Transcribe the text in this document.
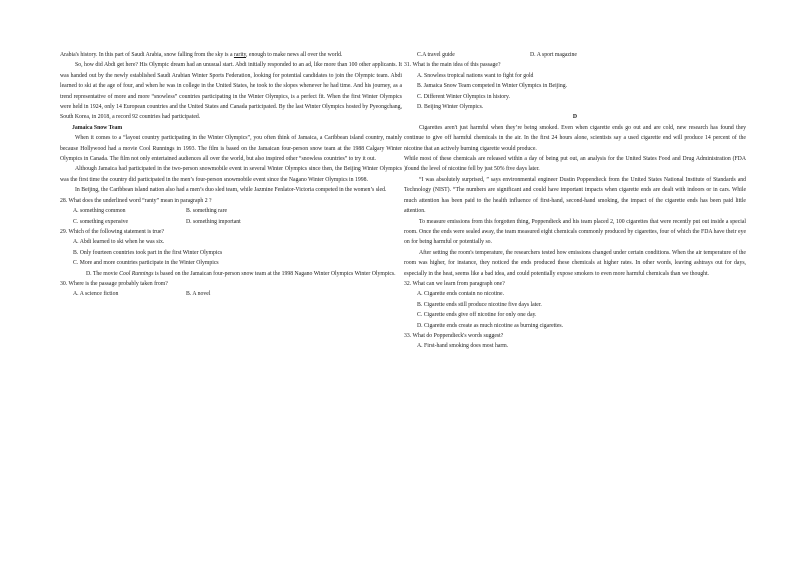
Arabia's history. In this part of Saudi Arabia, snow falling from the sky is a rarity, enough to make news all over the world.

So, how did Abdi get here? His Olympic dream had an unusual start. Abdi initially responded to an ad, like more than 100 other applicants. It was handed out by the newly established Saudi Arabian Winter Sports Federation, looking for potential candidates to join the Olympic team. Abdi learned to ski at the age of four, and when he was in college in the United States, he took to the slopes whenever he had time. And his journey, as a trend representative of more and more “snowless” countries participating in the Winter Olympics, is a perfect fit. When the first Winter Olympics were held in 1924, only 14 European countries and the United States and Canada participated. By the last Winter Olympics hosted by Pyeongchang, South Korea, in 2018, a record 92 countries had participated.

Jamaica Snow Team

When it comes to a “layout country participating in the Winter Olympics”, you often think of Jamaica, a Caribbean island country, mainly because Hollywood had a movie Cool Runnings in 1993. The film is based on the Jamaican four-person snow team at the 1988 Calgary Winter Olympics in Canada. The film not only entertained audiences all over the world, but also inspired other “snowless countries” to try it out.

Although Jamaica had participated in the two-person snowmobile event in several Winter Olympics since then, the Beijing Winter Olympics was the first time the country did participated in the men’s four-person snowmobile event since the Nagano Winter Olympics in 1998.

In Beijing, the Caribbean island nation also had a men’s duo sled team, while Jazmine Fenlator-Victoria competed in the women’s sled.

28. What does the underlined word “ranty” mean in paragraph 2 ?

A. something common	B. something rare
C. something expensive	D. something important

29. Which of the following statement is true?

A. Abdi learned to ski when he was six.

B. Only fourteen countries took part in the first Winter Olympics

C. More and more countries participate in the Winter Olympics

D. The movie Cool Runnings is based on the Jamaican four-person snow team at the 1998 Nagano Winter Olympics Winter Olympics.

30. Where is the passage probably taken from?

A. A science fiction	B. A novel
C.A travel guide	D. A sport magazine

31. What is the main idea of this passage?

A. Snowless tropical nations want to fight for gold

B. Jamaica Snow Team competed in Winter Olympics in Beijing.

C. Different Winter Olympics in history.

D. Beijing Winter Olympics.

D

Cigarettes aren't just harmful when they’re being smoked. Even when cigarette ends go out and are cold, new research has found they continue to give off harmful chemicals in the air. In the first 24 hours alone, scientists say a used cigarette end will produce 14 percent of the nicotine that an actively burning cigarette would produce.

While most of these chemicals are released within a day of being put out, an analysis for the United States Food and Drug Administration (FDA )found the level of nicotine fell by just 50% five days later.

“I was absolutely surprised, ” says environmental engineer Dustin Poppendieck from the United States National Institute of Standards and Technology (NIST). “The numbers are significant and could have important impacts when cigarette ends are dealt with indoors or in cars. While much attention has been paid to the health influence of first-hand, second-hand smoking, the impact of the cigarette ends has been paid little attention.

To measure emissions from this forgotten thing, Poppendieck and his team placed 2, 100 cigarettes that were recently put out inside a special room. Once the ends were sealed away, the team measured eight chemicals commonly produced by cigarettes, four of which the FDA have their eye on for being harmful or potentially so.

After setting the room's temperature, the researchers tested how emissions changed under certain conditions. When the air temperature of the room was higher, for instance, they noticed the ends produced these chemicals at higher rates. In other words, leaving ashtrays out for days, especially in the heat, seems like a bad idea, and could potentially expose smokers to even more harmful chemicals than we thought.

32. What can we learn from paragraph one?

A. Cigarette ends contain no nicotine.

B. Cigarette ends still produce nicotine five days later.

C. Cigarette ends give off nicotine for only one day.

D. Cigarette ends create as much nicotine as burning cigarettes.

33. What do Poppendieck's words suggest?

A. First-hand smoking does most harm.
